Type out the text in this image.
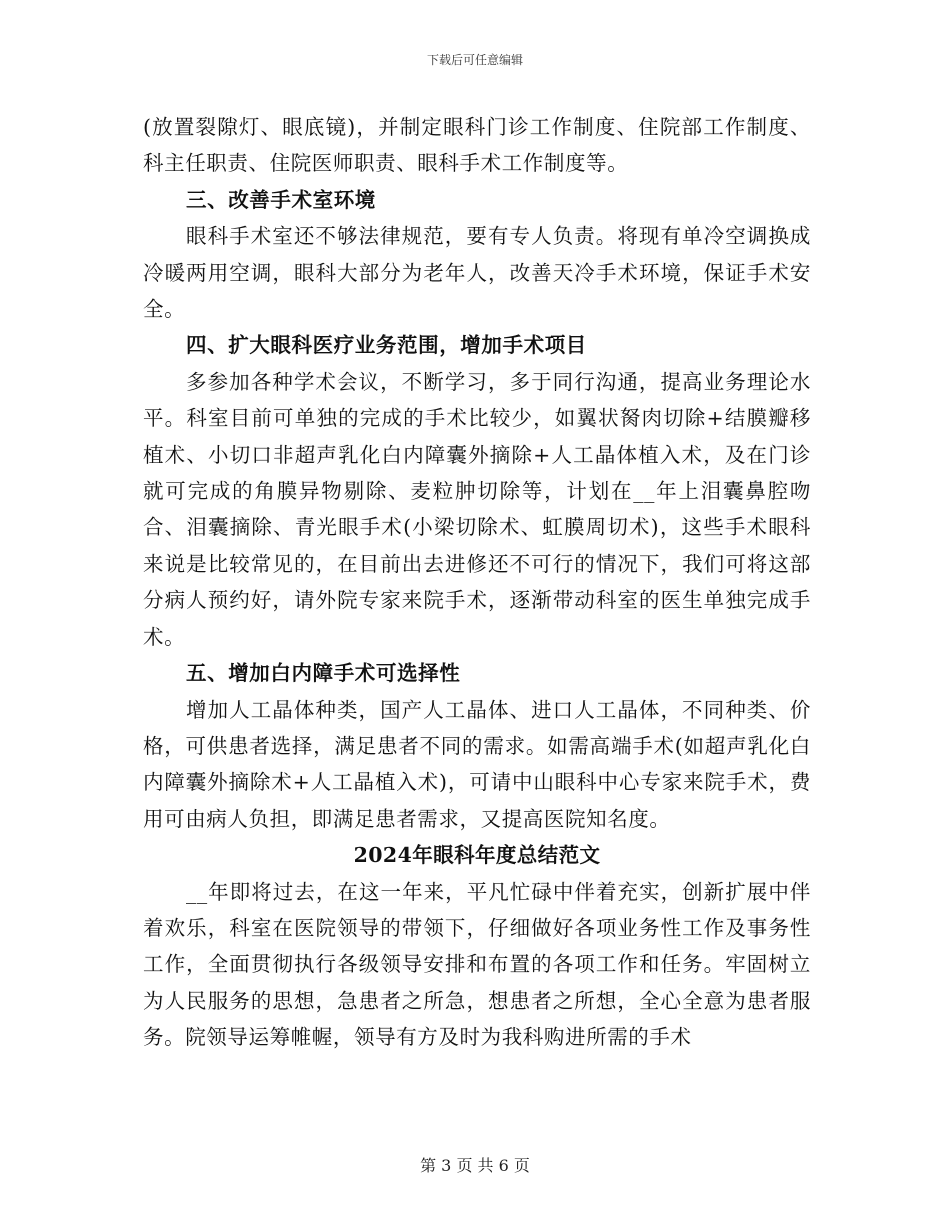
下载后可任意编辑

(放置裂隙灯、眼底镜)，并制定眼科门诊工作制度、住院部工作制度、科主任职责、住院医师职责、眼科手术工作制度等。

三、改善手术室环境

眼科手术室还不够法律规范，要有专人负责。将现有单冷空调换成冷暖两用空调，眼科大部分为老年人，改善天冷手术环境，保证手术安全。

四、扩大眼科医疗业务范围，增加手术项目

多参加各种学术会议，不断学习，多于同行沟通，提高业务理论水平。科室目前可单独的完成的手术比较少，如翼状胬肉切除+结膜瓣移植术、小切口非超声乳化白内障囊外摘除+人工晶体植入术，及在门诊就可完成的角膜异物剔除、麦粒肿切除等，计划在__年上泪囊鼻腔吻合、泪囊摘除、青光眼手术(小梁切除术、虹膜周切术)，这些手术眼科来说是比较常见的，在目前出去进修还不可行的情况下，我们可将这部分病人预约好，请外院专家来院手术，逐渐带动科室的医生单独完成手术。

五、增加白内障手术可选择性

增加人工晶体种类，国产人工晶体、进口人工晶体，不同种类、价格，可供患者选择，满足患者不同的需求。如需高端手术(如超声乳化白内障囊外摘除术+人工晶植入术)，可请中山眼科中心专家来院手术，费用可由病人负担，即满足患者需求，又提高医院知名度。

2024年眼科年度总结范文

__年即将过去，在这一年来，平凡忙碌中伴着充实，创新扩展中伴着欢乐，科室在医院领导的带领下，仔细做好各项业务性工作及事务性工作，全面贯彻执行各级领导安排和布置的各项工作和任务。牢固树立为人民服务的思想，急患者之所急，想患者之所想，全心全意为患者服务。院领导运筹帷幄，领导有方及时为我科购进所需的手术

第 3 页 共 6 页
